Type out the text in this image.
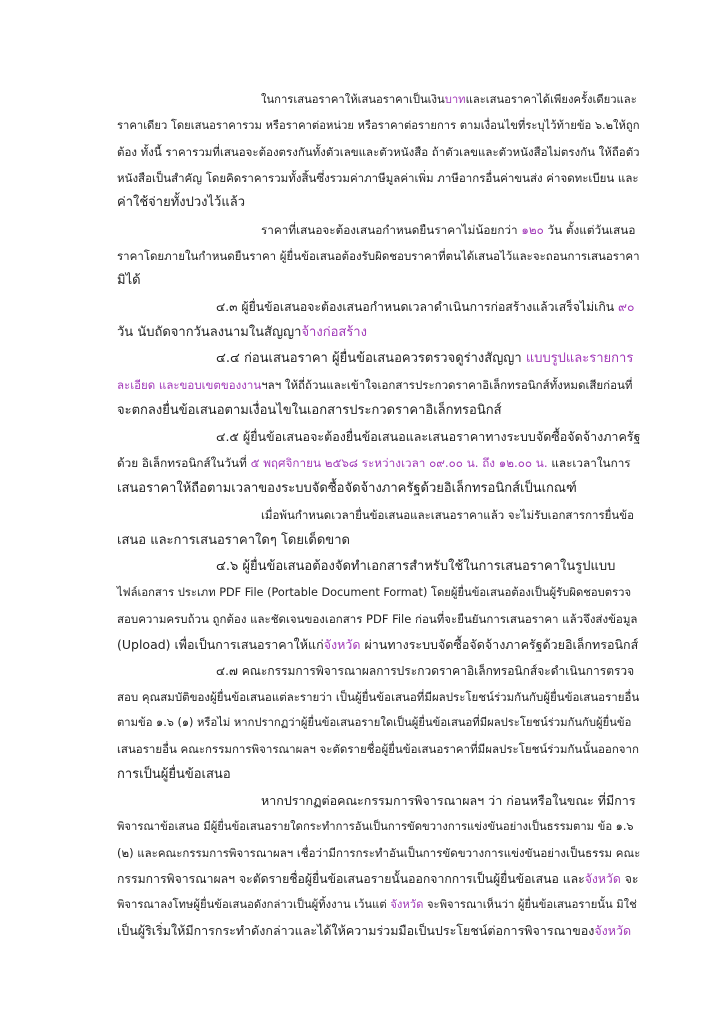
ในการเสนอราคาให้เสนอราคาเป็นเงินบาทและเสนอราคาได้เพียงครั้งเดียวและ
ราคาเดียว โดยเสนอราคารวม หรือราคาต่อหน่วย หรือราคาต่อรายการ ตามเงื่อนไขที่ระบุไว้ท้ายข้อ ๖.๒ให้ถูก
ต้อง ทั้งนี้ ราคารวมที่เสนอจะต้องตรงกันทั้งตัวเลขและตัวหนังสือ ถ้าตัวเลขและตัวหนังสือไม่ตรงกัน ให้ถือตัว
หนังสือเป็นสำคัญ โดยคิดราคารวมทั้งสิ้นซึ่งรวมค่าภาษีมูลค่าเพิ่ม ภาษีอากรอื่นค่าขนส่ง ค่าจดทะเบียน และ
ค่าใช้จ่ายทั้งปวงไว้แล้ว
ราคาที่เสนอจะต้องเสนอกำหนดยืนราคาไม่น้อยกว่า ๑๒๐ วัน ตั้งแต่วันเสนอ
ราคาโดยภายในกำหนดยืนราคา ผู้ยื่นข้อเสนอต้องรับผิดชอบราคาที่ตนได้เสนอไว้และจะถอนการเสนอราคา
มิได้
๔.๓ ผู้ยื่นข้อเสนอจะต้องเสนอกำหนดเวลาดำเนินการก่อสร้างแล้วเสร็จไม่เกิน ๙๐
วัน นับถัดจากวันลงนามในสัญญาจ้างก่อสร้าง
๔.๔ ก่อนเสนอราคา ผู้ยื่นข้อเสนอควรตรวจดูร่างสัญญา แบบรูปและรายการ
ละเอียด และขอบเขตของงานฯลฯ ให้ถี่ถ้วนและเข้าใจเอกสารประกวดราคาอิเล็กทรอนิกส์ทั้งหมดเสียก่อนที่
จะตกลงยื่นข้อเสนอตามเงื่อนไขในเอกสารประกวดราคาอิเล็กทรอนิกส์
๔.๕ ผู้ยื่นข้อเสนอจะต้องยื่นข้อเสนอและเสนอราคาทางระบบจัดซื้อจัดจ้างภาครัฐ
ด้วย อิเล็กทรอนิกส์ในวันที่ ๕ พฤศจิกายน ๒๕๖๘ ระหว่างเวลา ๐๙.๐๐ น. ถึง ๑๒.๐๐ น. และเวลาในการ
เสนอราคาให้ถือตามเวลาของระบบจัดซื้อจัดจ้างภาครัฐด้วยอิเล็กทรอนิกส์เป็นเกณฑ์
เมื่อพ้นกำหนดเวลายื่นข้อเสนอและเสนอราคาแล้ว จะไม่รับเอกสารการยื่นข้อ
เสนอ และการเสนอราคาใดๆ โดยเด็ดขาด
๔.๖ ผู้ยื่นข้อเสนอต้องจัดทำเอกสารสำหรับใช้ในการเสนอราคาในรูปแบบ
ไฟล์เอกสาร ประเภท PDF File (Portable Document Format) โดยผู้ยื่นข้อเสนอต้องเป็นผู้รับผิดชอบตรวจ
สอบความครบถ้วน ถูกต้อง และชัดเจนของเอกสาร PDF File ก่อนที่จะยืนยันการเสนอราคา แล้วจึงส่งข้อมูล
(Upload) เพื่อเป็นการเสนอราคาให้แก่จังหวัด ผ่านทางระบบจัดซื้อจัดจ้างภาครัฐด้วยอิเล็กทรอนิกส์
๔.๗ คณะกรรมการพิจารณาผลการประกวดราคาอิเล็กทรอนิกส์จะดำเนินการตรวจ
สอบ คุณสมบัติของผู้ยื่นข้อเสนอแต่ละรายว่า เป็นผู้ยื่นข้อเสนอที่มีผลประโยชน์ร่วมกันกับผู้ยื่นข้อเสนอรายอื่น
ตามข้อ ๑.๖ (๑) หรือไม่ หากปรากฏว่าผู้ยื่นข้อเสนอรายใดเป็นผู้ยื่นข้อเสนอที่มีผลประโยชน์ร่วมกันกับผู้ยื่นข้อ
เสนอรายอื่น คณะกรรมการพิจารณาผลฯ จะตัดรายชื่อผู้ยื่นข้อเสนอราคาที่มีผลประโยชน์ร่วมกันนั้นออกจาก
การเป็นผู้ยื่นข้อเสนอ
หากปรากฏต่อคณะกรรมการพิจารณาผลฯ ว่า ก่อนหรือในขณะ ที่มีการ
พิจารณาข้อเสนอ มีผู้ยื่นข้อเสนอรายใดกระทำการอันเป็นการขัดขวางการแข่งขันอย่างเป็นธรรมตาม ข้อ ๑.๖
(๒) และคณะกรรมการพิจารณาผลฯ เชื่อว่ามีการกระทำอันเป็นการขัดขวางการแข่งขันอย่างเป็นธรรม คณะ
กรรมการพิจารณาผลฯ จะตัดรายชื่อผู้ยื่นข้อเสนอรายนั้นออกจากการเป็นผู้ยื่นข้อเสนอ และจังหวัด จะ
พิจารณาลงโทษผู้ยื่นข้อเสนอดังกล่าวเป็นผู้ทิ้งงาน เว้นแต่ จังหวัด จะพิจารณาเห็นว่า ผู้ยื่นข้อเสนอรายนั้น มิใช่
เป็นผู้ริเริ่มให้มีการกระทำดังกล่าวและได้ให้ความร่วมมือเป็นประโยชน์ต่อการพิจารณาของจังหวัด
